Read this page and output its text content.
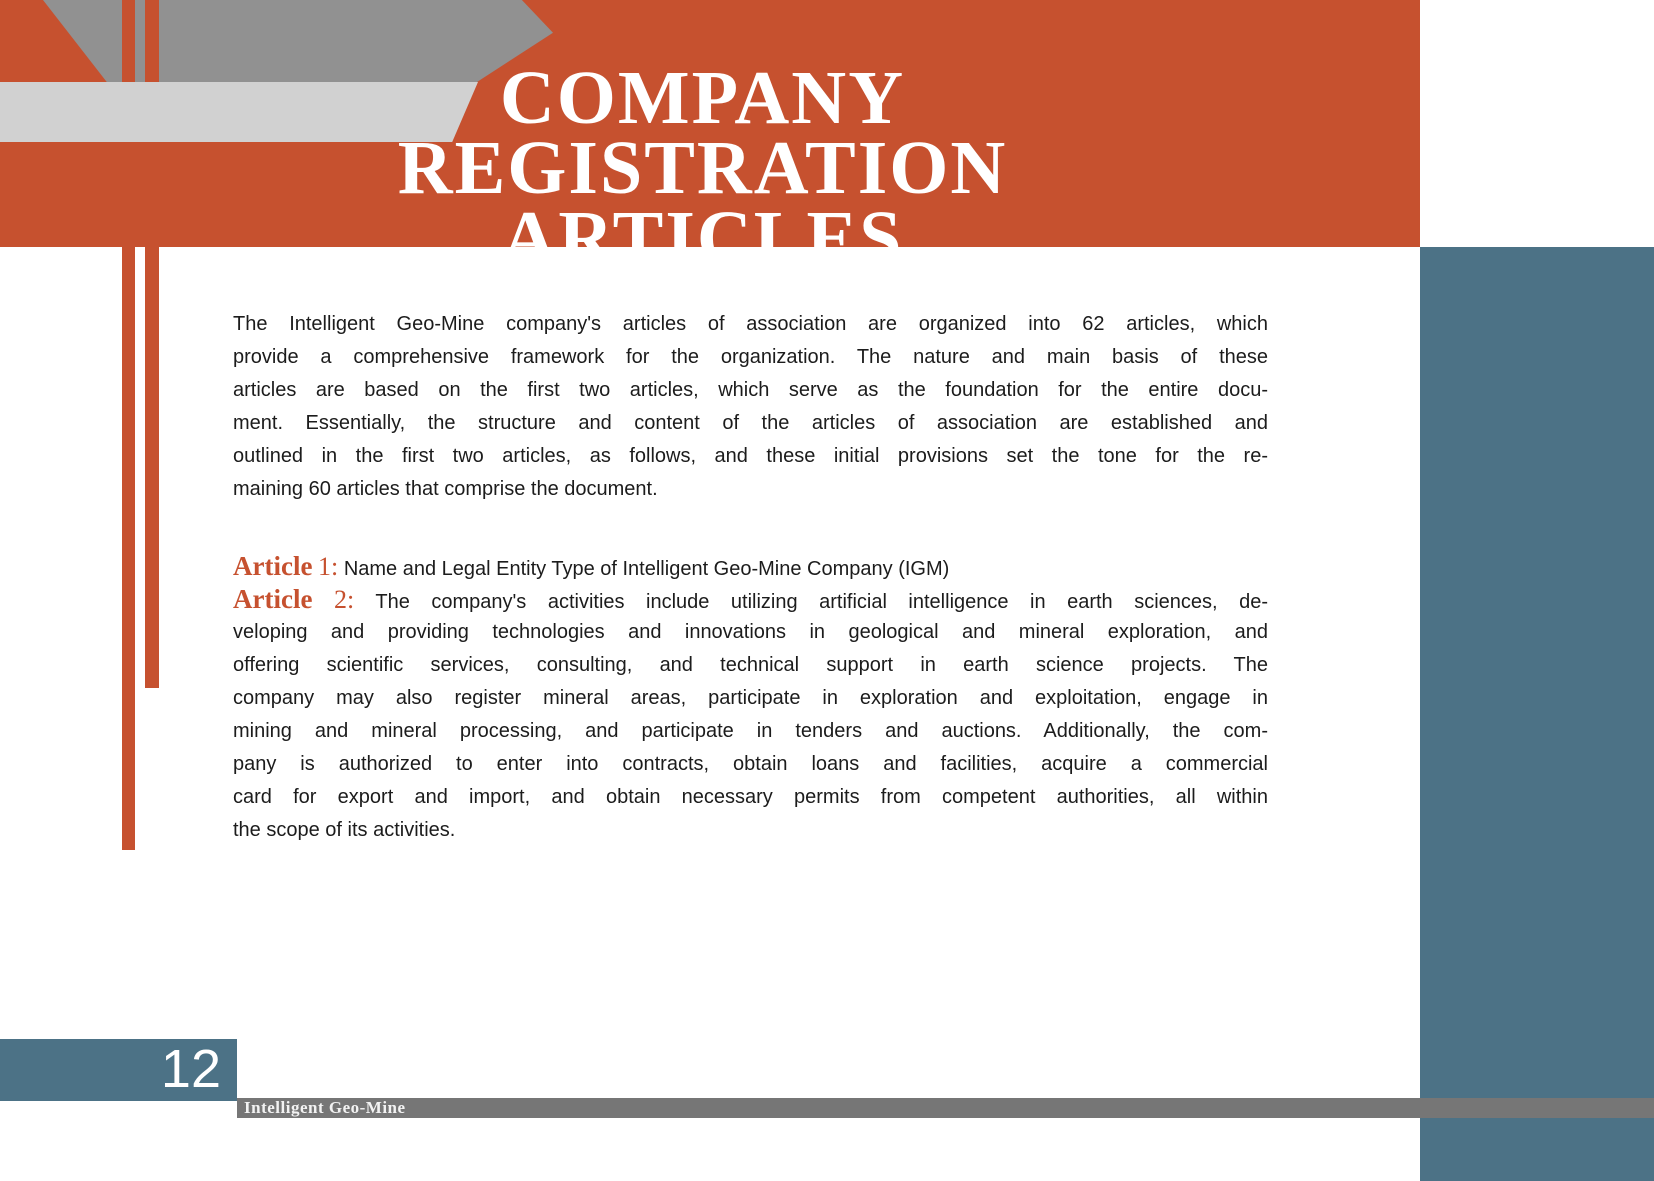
COMPANY
REGISTRATION ARTICLES
The Intelligent Geo-Mine company's articles of association are organized into 62 articles, which
provide a comprehensive framework for the organization. The nature and main basis of these
articles are based on the first two articles, which serve as the foundation for the entire docu-
ment. Essentially, the structure and content of the articles of association are established and
outlined in the first two articles, as follows, and these initial provisions set the tone for the re-
maining 60 articles that comprise the document.
Article 1: Name and Legal Entity Type of Intelligent Geo-Mine Company (IGM)
Article 2: The company's activities include utilizing artificial intelligence in earth sciences, de-
veloping and providing technologies and innovations in geological and mineral exploration, and
offering scientific services, consulting, and technical support in earth science projects. The
company may also register mineral areas, participate in exploration and exploitation, engage in
mining and mineral processing, and participate in tenders and auctions. Additionally, the com-
pany is authorized to enter into contracts, obtain loans and facilities, acquire a commercial
card for export and import, and obtain necessary permits from competent authorities, all within
the scope of its activities.
12
Intelligent Geo-Mine
